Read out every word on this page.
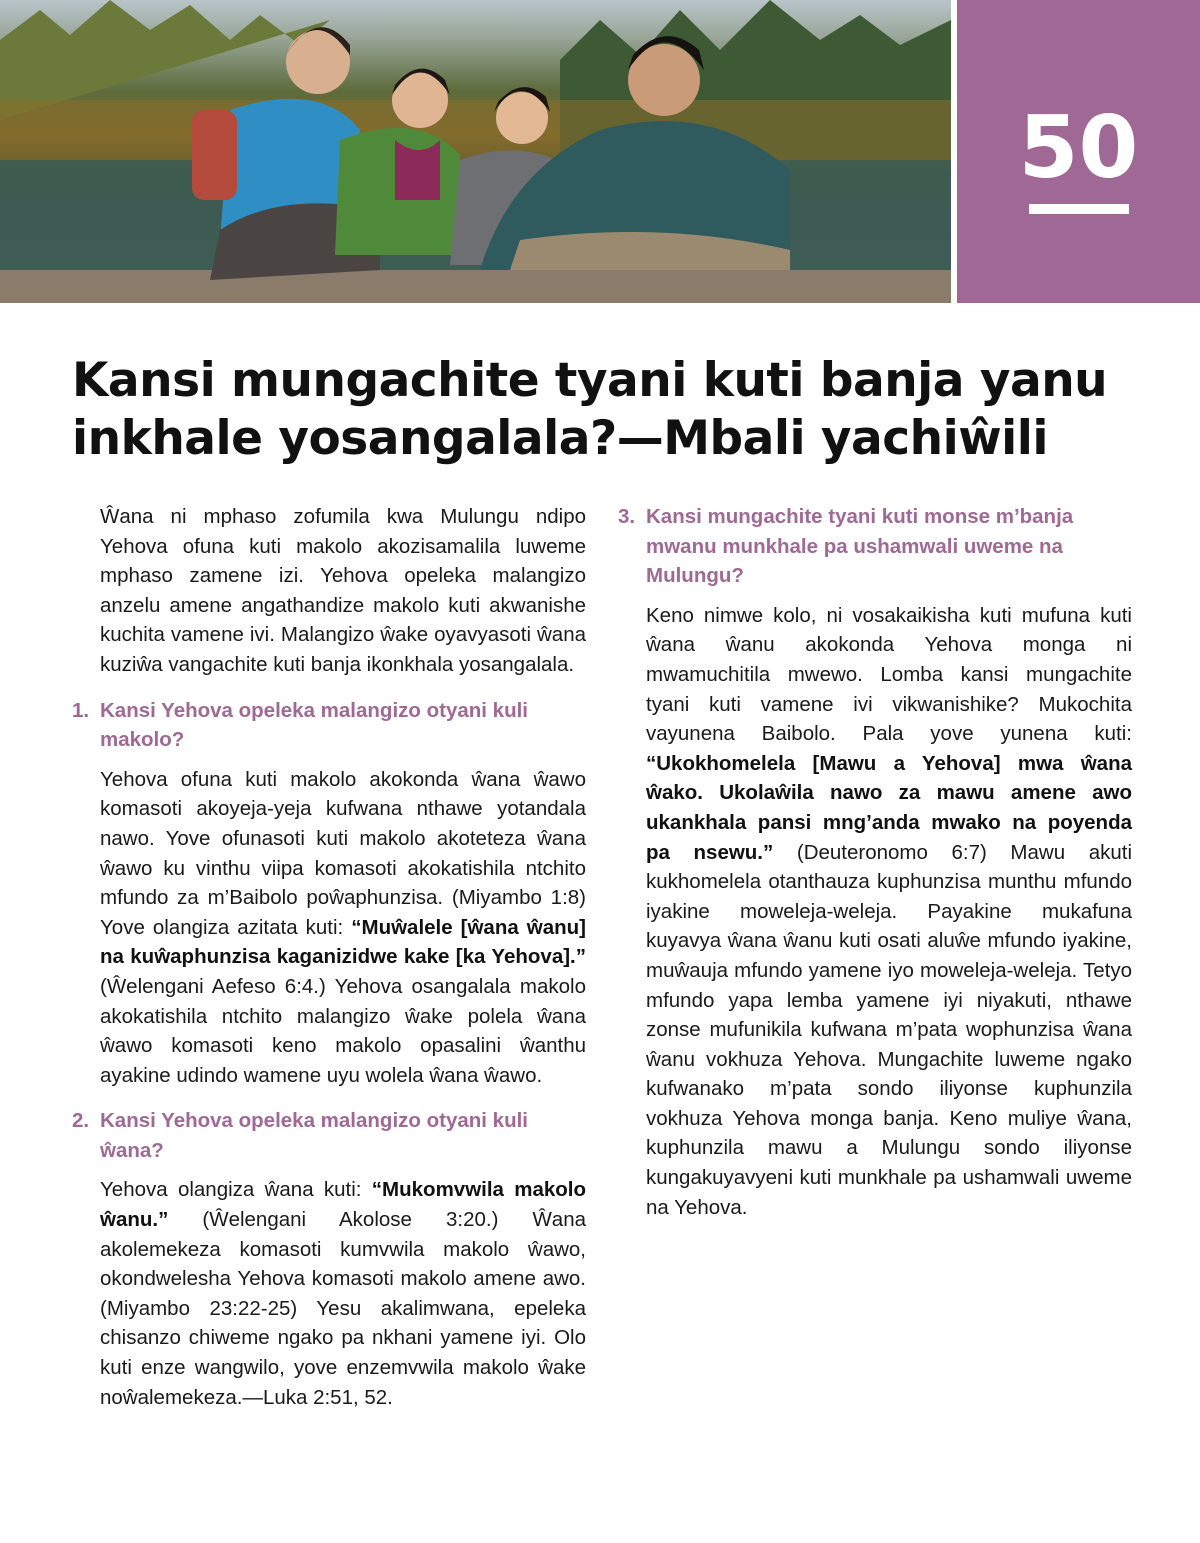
50
Kansi mungachite tyani kuti banja yanu inkhale yosangalala?—Mbali yachiŵili

Ŵana ni mphaso zofumila kwa Mulungu ndipo Yehova ofuna kuti makolo akozisamalila luweme mphaso zamene izi. Yehova opeleka malangizo anzelu amene angathandize makolo kuti akwanishe kuchita vamene ivi. Malangizo ŵake oyavyasoti ŵana kuziŵa vangachite kuti banja ikonkhala yosangalala.

1. Kansi Yehova opeleka malangizo otyani kuli makolo?

Yehova ofuna kuti makolo akokonda ŵana ŵawo komasoti akoyeja-yeja kufwana nthawe yotandala nawo. Yove ofunasoti kuti makolo akoteteza ŵana ŵawo ku vinthu viipa komasoti akokatishila ntchito mfundo za m’Baibolo poŵaphunzisa. (Miyambo 1:8) Yove olangiza azitata kuti: “Muŵalele [ŵana ŵanu] na kuŵaphunzisa kaganizidwe kake [ka Yehova].” (Ŵelengani Aefeso 6:4.) Yehova osangalala makolo akokatishila ntchito malangizo ŵake polela ŵana ŵawo komasoti keno makolo opasalini ŵanthu ayakine udindo wamene uyu wolela ŵana ŵawo.

2. Kansi Yehova opeleka malangizo otyani kuli ŵana?

Yehova olangiza ŵana kuti: “Mukomvwila makolo ŵanu.” (Ŵelengani Akolose 3:20.) Ŵana akolemekeza komasoti kumvwila makolo ŵawo, okondwelesha Yehova komasoti makolo amene awo. (Miyambo 23:22-25) Yesu akalimwana, epeleka chisanzo chiweme ngako pa nkhani yamene iyi. Olo kuti enze wangwilo, yove enzemvwila makolo ŵake noŵalemekeza.—Luka 2:51, 52.

3. Kansi mungachite tyani kuti monse m’banja mwanu munkhale pa ushamwali uweme na Mulungu?

Keno nimwe kolo, ni vosakaikisha kuti mufuna kuti ŵana ŵanu akokonda Yehova monga ni mwamuchitila mwewo. Lomba kansi mungachite tyani kuti vamene ivi vikwanishike? Mukochita vayunena Baibolo. Pala yove yunena kuti: “Ukokhomelela [Mawu a Yehova] mwa ŵana ŵako. Ukolaŵila nawo za mawu amene awo ukankhala pansi mng’anda mwako na poyenda pa nsewu.” (Deuteronomo 6:7) Mawu akuti kukhomelela otanthauza kuphunzisa munthu mfundo iyakine moweleja-weleja. Payakine mukafuna kuyavya ŵana ŵanu kuti osati aluŵe mfundo iyakine, muŵauja mfundo yamene iyo moweleja-weleja. Tetyo mfundo yapa lemba yamene iyi niyakuti, nthawe zonse mufunikila kufwana m’pata wophunzisa ŵana ŵanu vokhuza Yehova. Mungachite luweme ngako kufwanako m’pata sondo iliyonse kuphunzila vokhuza Yehova monga banja. Keno muliye ŵana, kuphunzila mawu a Mulungu sondo iliyonse kungakuyavyeni kuti munkhale pa ushamwali uweme na Yehova.
